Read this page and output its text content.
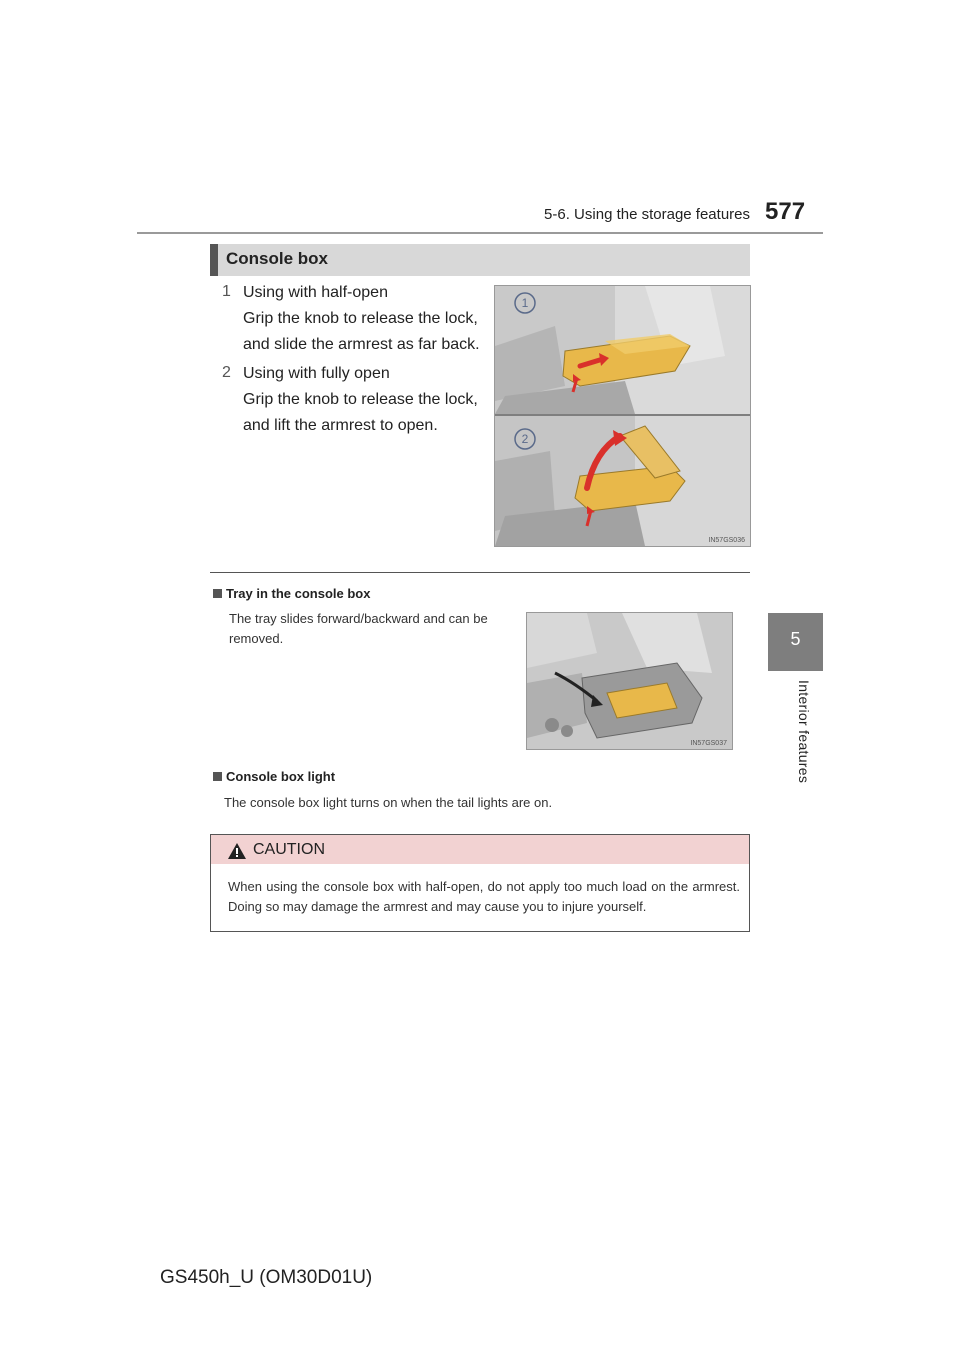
5-6. Using the storage features 577
5
Interior features
Console box
1 Using with half-open
Grip the knob to release the lock,
and slide the armrest as far back.
2 Using with fully open
Grip the knob to release the lock,
and lift the armrest to open.
1
2
IN57GS036
Tray in the console box
The tray slides forward/backward and can be removed.
IN57GS037
Console box light
The console box light turns on when the tail lights are on.
CAUTION
When using the console box with half-open, do not apply too much load on the armrest. Doing so may damage the armrest and may cause you to injure yourself.
GS450h_U (OM30D01U)
